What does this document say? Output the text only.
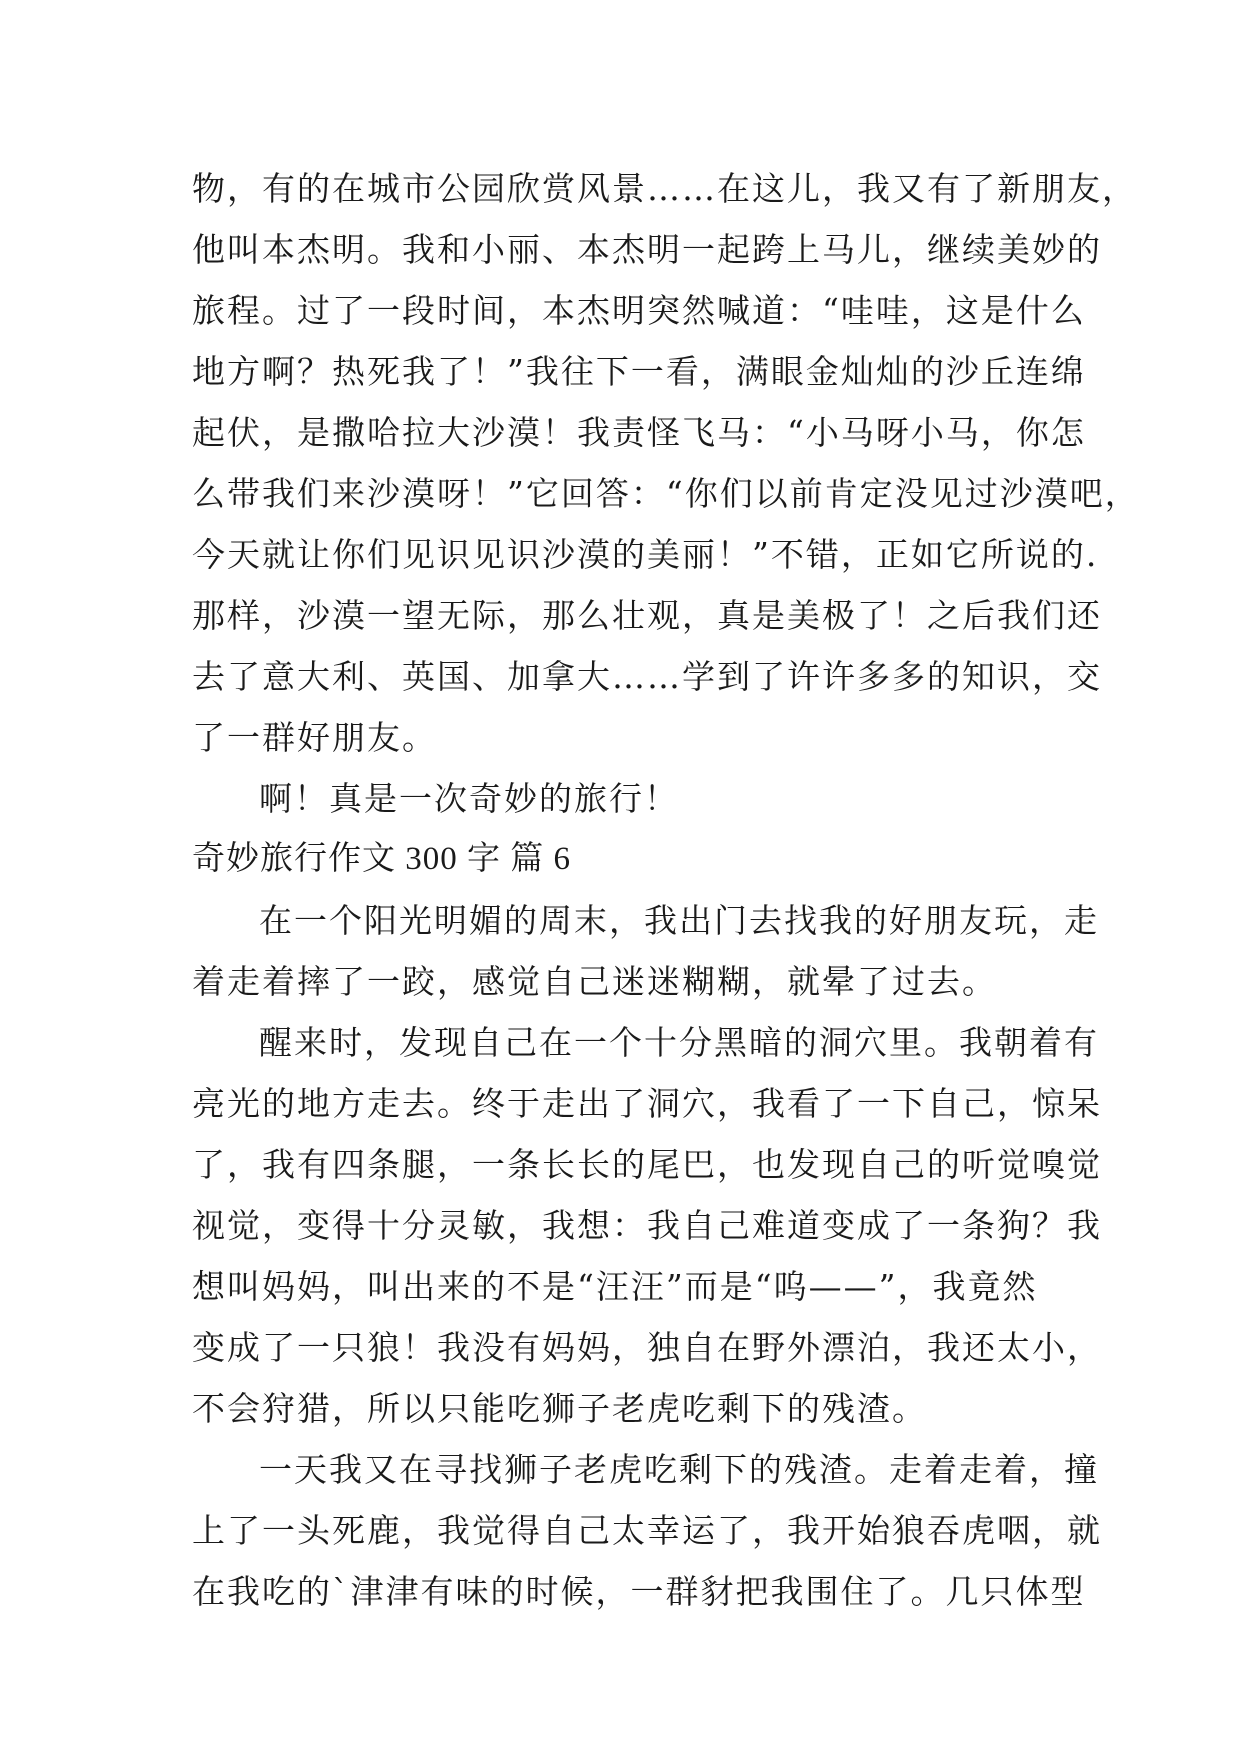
物，有的在城市公园欣赏风景……在这儿，我又有了新朋友，
他叫本杰明。我和小丽、本杰明一起跨上马儿，继续美妙的
旅程。过了一段时间，本杰明突然喊道：“哇哇，这是什么
地方啊？热死我了！”我往下一看，满眼金灿灿的沙丘连绵
起伏，是撒哈拉大沙漠！我责怪飞马：“小马呀小马，你怎
么带我们来沙漠呀！”它回答：“你们以前肯定没见过沙漠吧，
今天就让你们见识见识沙漠的美丽！”不错，正如它所说的.
那样，沙漠一望无际，那么壮观，真是美极了！之后我们还
去了意大利、英国、加拿大……学到了许许多多的知识，交
了一群好朋友。
啊！真是一次奇妙的旅行！
奇妙旅行作文 300 字 篇 6
在一个阳光明媚的周末，我出门去找我的好朋友玩，走
着走着摔了一跤，感觉自己迷迷糊糊，就晕了过去。
醒来时，发现自己在一个十分黑暗的洞穴里。我朝着有
亮光的地方走去。终于走出了洞穴，我看了一下自己，惊呆
了，我有四条腿，一条长长的尾巴，也发现自己的听觉嗅觉
视觉，变得十分灵敏，我想：我自己难道变成了一条狗？我
想叫妈妈，叫出来的不是“汪汪”而是“呜——”，我竟然
变成了一只狼！我没有妈妈，独自在野外漂泊，我还太小，
不会狩猎，所以只能吃狮子老虎吃剩下的残渣。
一天我又在寻找狮子老虎吃剩下的残渣。走着走着，撞
上了一头死鹿，我觉得自己太幸运了，我开始狼吞虎咽，就
在我吃的`津津有味的时候，一群豺把我围住了。几只体型
